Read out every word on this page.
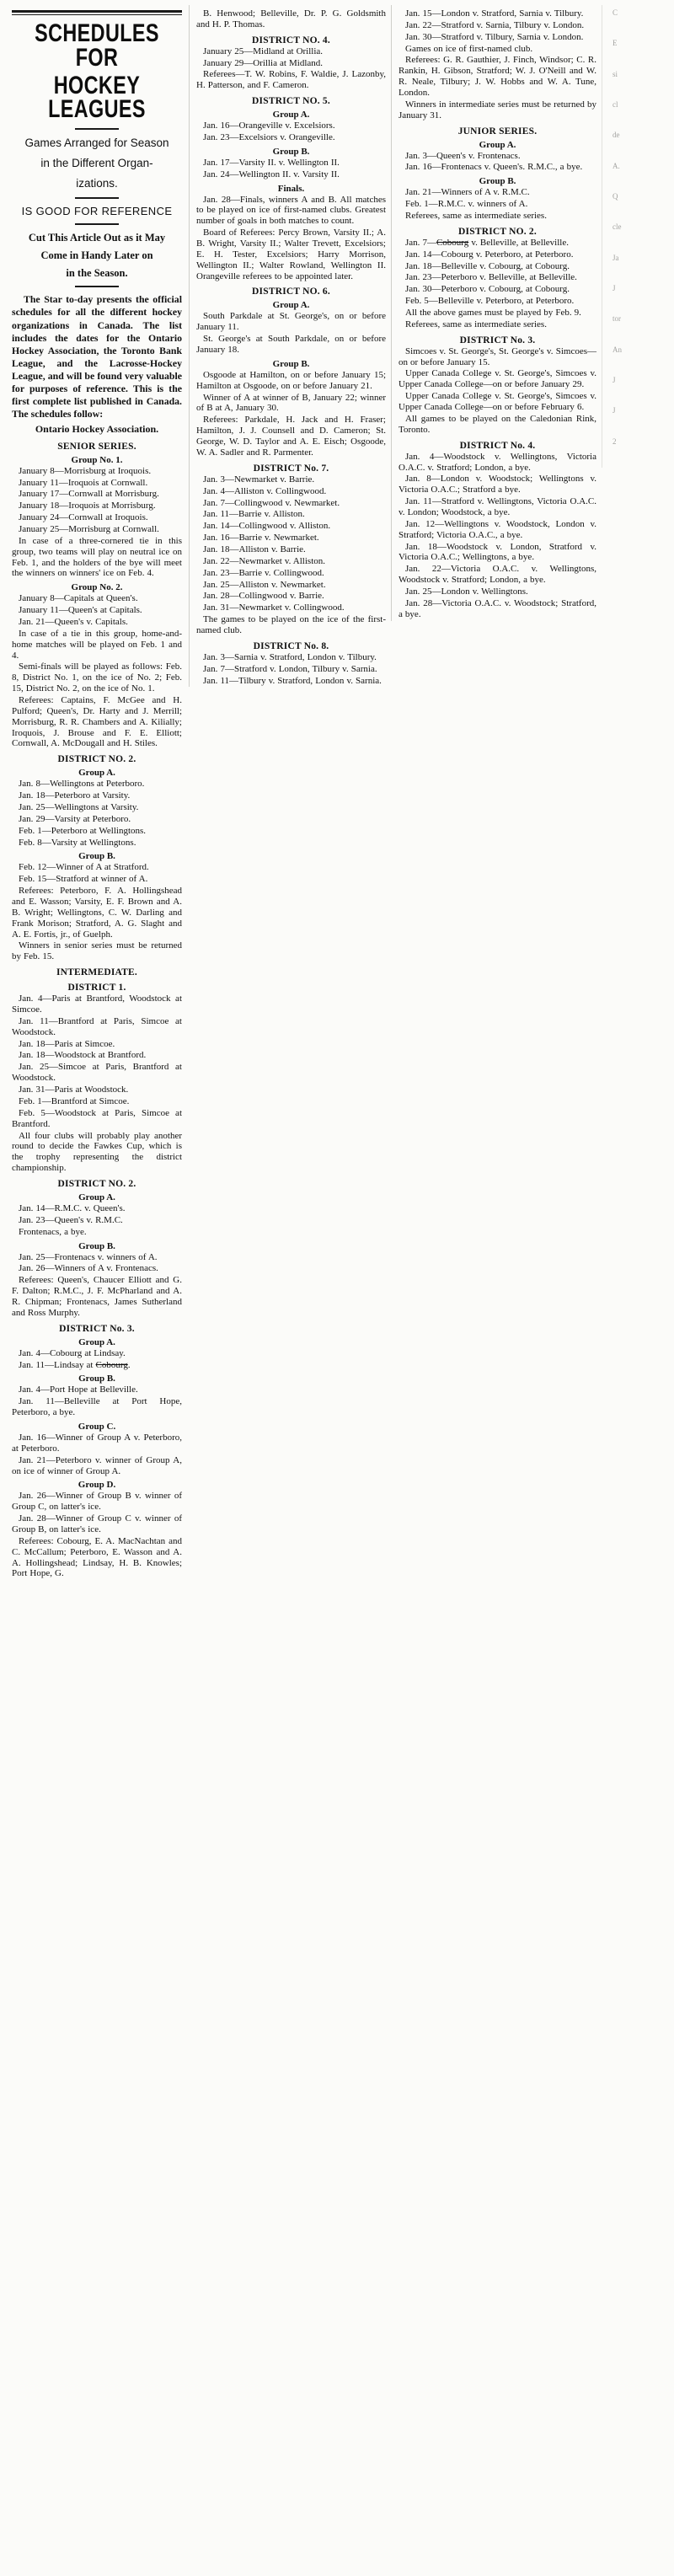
SCHEDULES FOR
HOCKEY LEAGUES
Games Arranged for Season
in the Different Organ-
izations.
IS GOOD FOR REFERENCE
Cut This Article Out as it May
Come in Handy Later on
in the Season.

The Star to-day presents the official schedules for all the different hockey organizations in Canada. The list includes the dates for the Ontario Hockey Association, the Toronto Bank League, and the Lacrosse-Hockey League, and will be found very valuable for purposes of reference. This is the first complete list published in Canada. The schedules follow:

Ontario Hockey Association.

SENIOR SERIES.
Group No. 1.

January 8—Morrisburg at Iroquois.

January 11—Iroquois at Cornwall.

January 17—Cornwall at Morrisburg.

January 18—Iroquois at Morrisburg.

January 24—Cornwall at Iroquois.

January 25—Morrisburg at Cornwall.

In case of a three-cornered tie in this group, two teams will play on neutral ice on Feb. 1, and the holders of the bye will meet the winners on winners' ice on Feb. 4.

Group No. 2.

January 8—Capitals at Queen's.

January 11—Queen's at Capitals.

Jan. 21—Queen's v. Capitals.

In case of a tie in this group, home-and-home matches will be played on Feb. 1 and 4.

Semi-finals will be played as follows: Feb. 8, District No. 1, on the ice of No. 2; Feb. 15, District No. 2, on the ice of No. 1.

Referees: Captains, F. McGee and H. Pulford; Queen's, Dr. Harty and J. Merrill; Morrisburg, R. R. Chambers and A. Kilially; Iroquois, J. Brouse and F. E. Elliott; Cornwall, A. McDougall and H. Stiles.

DISTRICT NO. 2.
Group A.

Jan. 8—Wellingtons at Peterboro.

Jan. 18—Peterboro at Varsity.

Jan. 25—Wellingtons at Varsity.

Jan. 29—Varsity at Peterboro.

Feb. 1—Peterboro at Wellingtons.

Feb. 8—Varsity at Wellingtons.

Group B.

Feb. 12—Winner of A at Stratford.

Feb. 15—Stratford at winner of A.

Referees: Peterboro, F. A. Hollingshead and E. Wasson; Varsity, E. F. Brown and A. B. Wright; Wellingtons, C. W. Darling and Frank Morison; Stratford, A. G. Slaght and A. E. Fortis, jr., of Guelph.

Winners in senior series must be returned by Feb. 15.

INTERMEDIATE.
DISTRICT 1.

Jan. 4—Paris at Brantford, Woodstock at Simcoe.

Jan. 11—Brantford at Paris, Simcoe at Woodstock.

Jan. 18—Paris at Simcoe.

Jan. 18—Woodstock at Brantford.

Jan. 25—Simcoe at Paris, Brantford at Woodstock.

Jan. 31—Paris at Woodstock.

Feb. 1—Brantford at Simcoe.

Feb. 5—Woodstock at Paris, Simcoe at Brantford.

All four clubs will probably play another round to decide the Fawkes Cup, which is the trophy representing the district championship.

DISTRICT NO. 2.
Group A.

Jan. 14—R.M.C. v. Queen's.

Jan. 23—Queen's v. R.M.C.

Frontenacs, a bye.

Group B.

Jan. 25—Frontenacs v. winners of A.

Jan. 26—Winners of A v. Frontenacs.

Referees: Queen's, Chaucer Elliott and G. F. Dalton; R.M.C., J. F. McPharland and A. R. Chipman; Frontenacs, James Sutherland and Ross Murphy.

DISTRICT No. 3.
Group A.

Jan. 4—Cobourg at Lindsay.

Jan. 11—Lindsay at Cobourg.

Group B.

Jan. 4—Port Hope at Belleville.

Jan. 11—Belleville at Port Hope, Peterboro, a bye.

Group C.

Jan. 16—Winner of Group A v. Peterboro, at Peterboro.

Jan. 21—Peterboro v. winner of Group A, on ice of winner of Group A.

Group D.

Jan. 26—Winner of Group B v. winner of Group C, on latter's ice.

Jan. 28—Winner of Group C v. winner of Group B, on latter's ice.

Referees: Cobourg, E. A. MacNachtan and C. McCallum; Peterboro, E. Wasson and A. A. Hollingshead; Lindsay, H. B. Knowles; Port Hope, G.

B. Henwood; Belleville, Dr. P. G. Goldsmith and H. P. Thomas.

DISTRICT NO. 4.

January 25—Midland at Orillia.

January 29—Orillia at Midland.

Referees—T. W. Robins, F. Waldie, J. Lazonby, H. Patterson, and F. Cameron.

DISTRICT NO. 5.
Group A.

Jan. 16—Orangeville v. Excelsiors.

Jan. 23—Excelsiors v. Orangeville.

Group B.

Jan. 17—Varsity II. v. Wellington II.

Jan. 24—Wellington II. v. Varsity II.

Finals.

Jan. 28—Finals, winners A and B. All matches to be played on ice of first-named clubs. Greatest number of goals in both matches to count.

Board of Referees: Percy Brown, Varsity II.; A. B. Wright, Varsity II.; Walter Trevett, Excelsiors; E. H. Tester, Excelsiors; Harry Morrison, Wellington II.; Walter Rowland, Wellington II. Orangeville referees to be appointed later.

DISTRICT NO. 6.
Group A.

South Parkdale at St. George's, on or before January 11.

St. George's at South Parkdale, on or before January 18.

Group B.

Osgoode at Hamilton, on or before January 15; Hamilton at Osgoode, on or before January 21.

Winner of A at winner of B, January 22; winner of B at A, January 30.

Referees: Parkdale, H. Jack and H. Fraser; Hamilton, J. J. Counsell and D. Cameron; St. George, W. D. Taylor and A. E. Eisch; Osgoode, W. A. Sadler and R. Parmenter.

DISTRICT No. 7.

Jan. 3—Newmarket v. Barrie.

Jan. 4—Alliston v. Collingwood.

Jan. 7—Collingwood v. Newmarket.

Jan. 11—Barrie v. Alliston.

Jan. 14—Collingwood v. Alliston.

Jan. 16—Barrie v. Newmarket.

Jan. 18—Alliston v. Barrie.

Jan. 22—Newmarket v. Alliston.

Jan. 23—Barrie v. Collingwood.

Jan. 25—Alliston v. Newmarket.

Jan. 28—Collingwood v. Barrie.

Jan. 31—Newmarket v. Collingwood.

The games to be played on the ice of the first-named club.

DISTRICT No. 8.

Jan. 3—Sarnia v. Stratford, London v. Tilbury.

Jan. 7—Stratford v. London, Tilbury v. Sarnia.

Jan. 11—Tilbury v. Stratford, London v. Sarnia.

Jan. 15—London v. Stratford, Sarnia v. Tilbury.

Jan. 22—Stratford v. Sarnia, Tilbury v. London.

Jan. 30—Stratford v. Tilbury, Sarnia v. London.

Games on ice of first-named club.

Referees: G. R. Gauthier, J. Finch, Windsor; C. R. Rankin, H. Gibson, Stratford; W. J. O'Neill and W. R. Neale, Tilbury; J. W. Hobbs and W. A. Tune, London.

Winners in intermediate series must be returned by January 31.

JUNIOR SERIES.
Group A.

Jan. 3—Queen's v. Frontenacs.

Jan. 16—Frontenacs v. Queen's. R.M.C., a bye.

Group B.

Jan. 21—Winners of A v. R.M.C.

Feb. 1—R.M.C. v. winners of A.

Referees, same as intermediate series.

DISTRICT NO. 2.

Jan. 7—Cobourg v. Belleville, at Belleville.

Jan. 14—Cobourg v. Peterboro, at Peterboro.

Jan. 18—Belleville v. Cobourg, at Cobourg.

Jan. 23—Peterboro v. Belleville, at Belleville.

Jan. 30—Peterboro v. Cobourg, at Cobourg.

Feb. 5—Belleville v. Peterboro, at Peterboro.

All the above games must be played by Feb. 9.

Referees, same as intermediate series.

DISTRICT No. 3.

Simcoes v. St. George's, St. George's v. Simcoes—on or before January 15.

Upper Canada College v. St. George's, Simcoes v. Upper Canada College—on or before January 29.

Upper Canada College v. St. George's, Simcoes v. Upper Canada College—on or before February 6.

All games to be played on the Caledonian Rink, Toronto.

DISTRICT No. 4.

Jan. 4—Woodstock v. Wellingtons, Victoria O.A.C. v. Stratford; London, a bye.

Jan. 8—London v. Woodstock; Wellingtons v. Victoria O.A.C.; Stratford a bye.

Jan. 11—Stratford v. Wellingtons, Victoria O.A.C. v. London; Woodstock, a bye.

Jan. 12—Wellingtons v. Woodstock, London v. Stratford; Victoria O.A.C., a bye.

Jan. 18—Woodstock v. London, Stratford v. Victoria O.A.C.; Wellingtons, a bye.

Jan. 22—Victoria O.A.C. v. Wellingtons, Woodstock v. Stratford; London, a bye.

Jan. 25—London v. Wellingtons.

Jan. 28—Victoria O.A.C. v. Woodstock; Stratford, a bye.

C

E

si

cl

de

A.

Q

cle

Ja

J

tor

An

J

J

2
